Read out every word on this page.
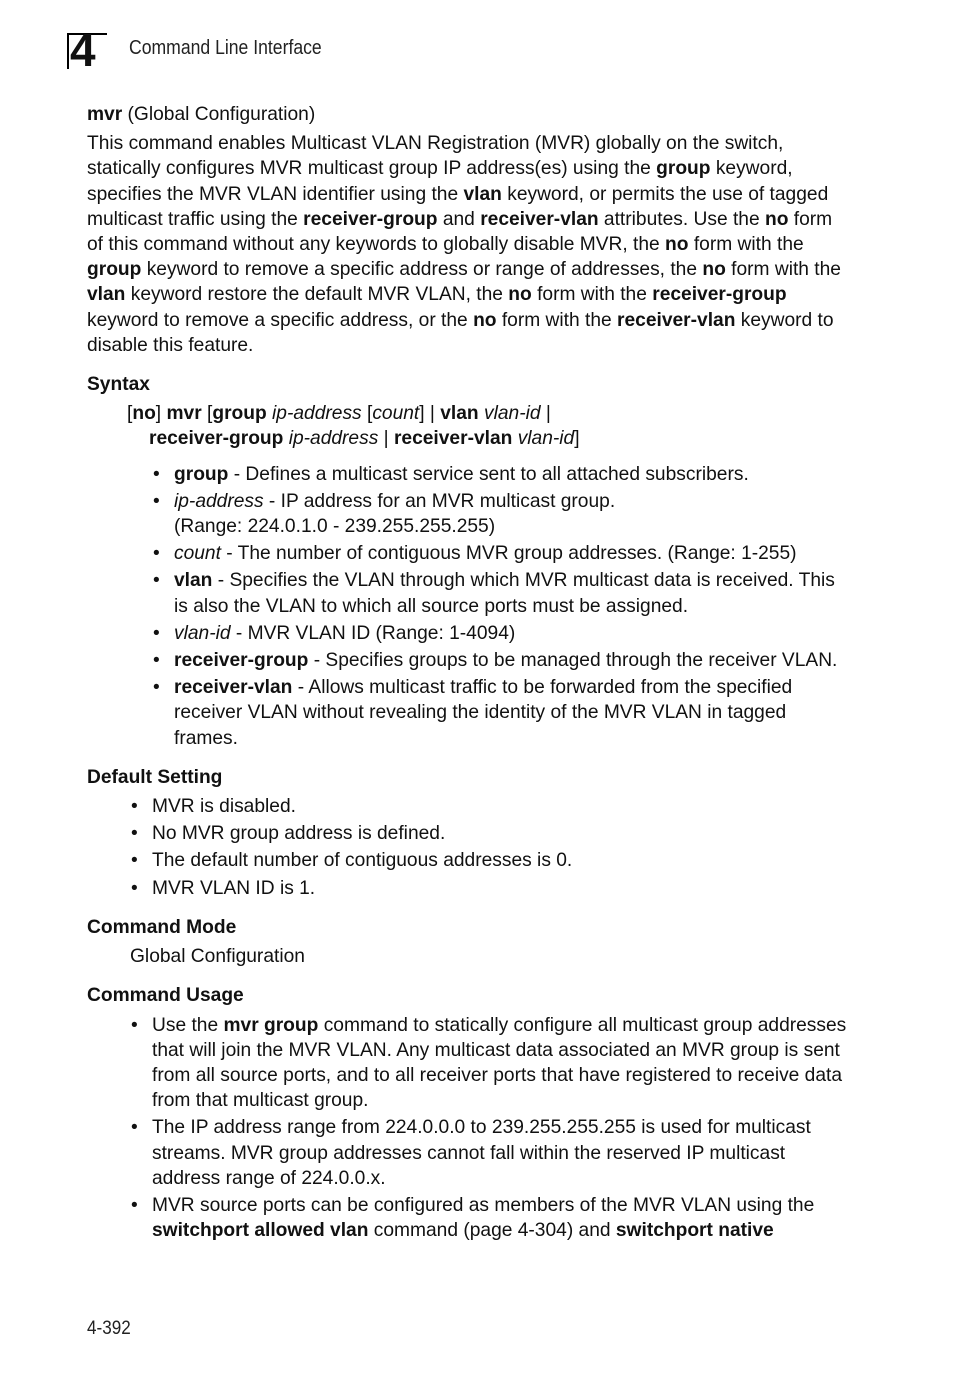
4 Command Line Interface

mvr (Global Configuration)

This command enables Multicast VLAN Registration (MVR) globally on the switch, statically configures MVR multicast group IP address(es) using the group keyword, specifies the MVR VLAN identifier using the vlan keyword, or permits the use of tagged multicast traffic using the receiver-group and receiver-vlan attributes. Use the no form of this command without any keywords to globally disable MVR, the no form with the group keyword to remove a specific address or range of addresses, the no form with the vlan keyword restore the default MVR VLAN, the no form with the receiver-group keyword to remove a specific address, or the no form with the receiver-vlan keyword to disable this feature.

Syntax
[no] mvr [group ip-address [count] | vlan vlan-id |
receiver-group ip-address | receiver-vlan vlan-id]
• group - Defines a multicast service sent to all attached subscribers.
• ip-address - IP address for an MVR multicast group.
(Range: 224.0.1.0 - 239.255.255.255)
• count - The number of contiguous MVR group addresses. (Range: 1-255)
• vlan - Specifies the VLAN through which MVR multicast data is received. This is also the VLAN to which all source ports must be assigned.
• vlan-id - MVR VLAN ID (Range: 1-4094)
• receiver-group - Specifies groups to be managed through the receiver VLAN.
• receiver-vlan - Allows multicast traffic to be forwarded from the specified receiver VLAN without revealing the identity of the MVR VLAN in tagged frames.
Default Setting
• MVR is disabled.
• No MVR group address is defined.
• The default number of contiguous addresses is 0.
• MVR VLAN ID is 1.
Command Mode
Global Configuration
Command Usage
• Use the mvr group command to statically configure all multicast group addresses that will join the MVR VLAN. Any multicast data associated an MVR group is sent from all source ports, and to all receiver ports that have registered to receive data from that multicast group.
• The IP address range from 224.0.0.0 to 239.255.255.255 is used for multicast streams. MVR group addresses cannot fall within the reserved IP multicast address range of 224.0.0.x.
• MVR source ports can be configured as members of the MVR VLAN using the switchport allowed vlan command (page 4-304) and switchport native
4-392
